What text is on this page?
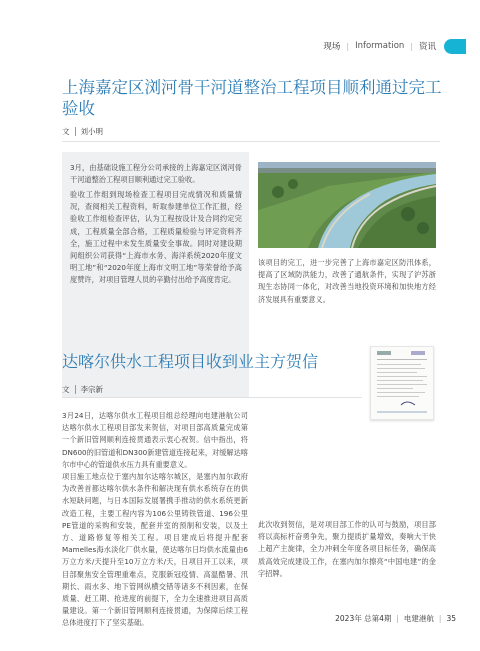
现场 | Information | 资讯
上海嘉定区浏河骨干河道整治工程项目顺利通过完工验收
文 刘小明

3月，由基础设施工程分公司承接的上海嘉定区浏河骨干河道整治工程项目顺利通过完工验收。

验收工作组到现场检查工程项目完成情况和质量情况，查阅相关工程资料，听取参建单位工作汇报，经验收工作组检查评估，认为工程按设计及合同约定完成，工程质量全部合格，工程质量检验与评定资料齐全，施工过程中未发生质量安全事故。同时对建设期间组织公司获得“上海市水务、海洋系统2020年度文明工地”和“2020年度上海市文明工地”等荣誉给予高度赞许，对项目管理人员的辛勤付出给予高度肯定。

该项目的完工，进一步完善了上海市嘉定区防汛体系，提高了区域防洪能力，改善了通航条件，实现了沪苏浙现生态协同一体化，对改善当地投资环境和加快地方经济发展具有重要意义。

达喀尔供水工程项目收到业主方贺信
文 李宗新

3月24日，达喀尔供水工程项目组总经理向电建港航公司达喀尔供水工程项目部发来贺信，对项目部高质量完成第一个新旧管网顺利连接贯通表示衷心祝贺。信中指出，将DN600的旧管道和DN300新建管道连接起来，对缓解达喀尔市中心的管道供水压力具有重要意义。

项目施工地点位于塞内加尔达喀尔城区，是塞内加尔政府为改善首都达喀尔供水条件和解决现有供水系统存在的供水短缺问题，与日本国际发展署携手推动的供水系统更新改造工程，主要工程内容为106公里铸铁管道、196公里PE管道的采购和安装，配套并室的预制和安装，以及土方、道路修复等相关工程。项目建成后将提升配套Mamelles海水淡化厂供水量，使达喀尔日均供水流量由6万立方米/天提升至10万立方米/天，日项目开工以来，项目部聚焦安全管理重难点，克服新冠疫情、高温酷暑、汛期长、雨水多、地下管网纵横交错等诸多不利因素，在保质量、赶工期、抢进度的前提下，全力全速推进项目高质量建设。第一个新旧管网顺利连接贯通，为保障后续工程总体进度打下了坚实基础。

此次收到贺信，是对项目部工作的认可与鼓励，项目部将以高标杆奋勇争先，聚力提质扩量增效，奏响大干快上超产主旋律，全力冲刺全年度各项目标任务，确保高质高效完成建设工作，在塞内加尔擦亮“中国电建”的金字招牌。

2023年 总第4期 | 电建港航 | 35
